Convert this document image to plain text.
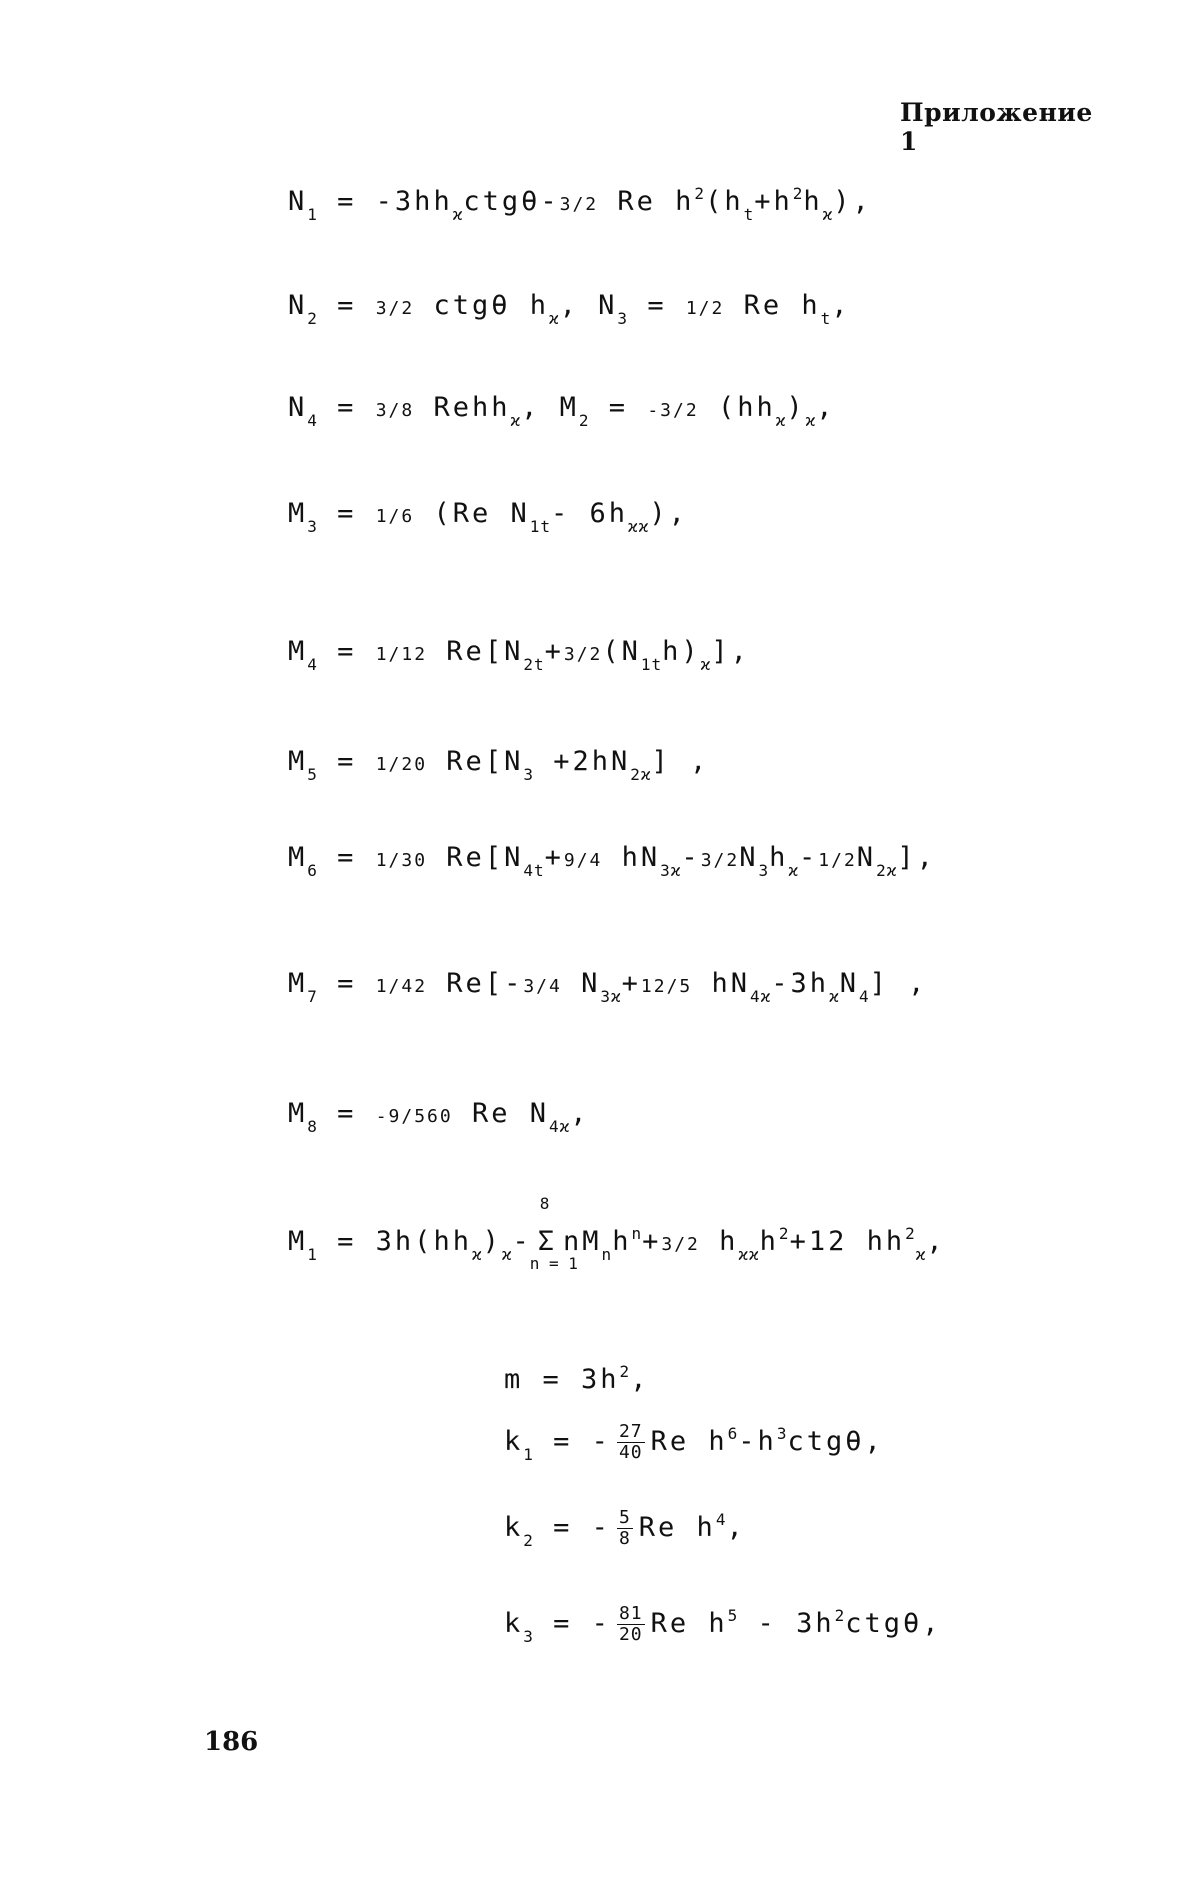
Приложение 1
$N_1 = -3hh_ϰctg\theta-3/2$ Re $h^2(h_t+h^2h_ϰ)$,
$N_2 = 3/2$ ctgθ $h_ϰ$, $N_3 = 1/2$ Re $h_t$,
$N_4 = 3/8$ Rehh$_ϰ$, $M_2 = -3/2$ $(hh_ϰ)_ϰ$,
$M_3 = 1/6$ (Re $N_{1t}-$ $6h_{ϰϰ}$),
$M_4 = 1/12$ $Re[N_{2t}+3/2(N_{1t}h)_ϰ]$,
$M_5 = 1/20$ $Re[N_3 +2hN_{2ϰ}]$ ,
$M_6 = 1/30$ $Re[N_{4t}+9/4$ $hN_{3ϰ}-3/2N_3h_ϰ-1/2N_{2ϰ}$],
$M_7 = 1/42$ Re[-3/4 $N_{3ϰ}+12/5$ $hN_{4ϰ}-3h_ϰN_4$] ,
$M_8 = -9/560$ Re $N_{4ϰ}$,
$M_1 = 3h(hh_ϰ)_ϰ-$
8
Σ
n = 1
$nM_nh^n+3/2$ $h_{ϰϰ}h^2+12$ $hh^2_ϰ$,
$m = 3h^2$,
$k_1$ = - $\frac{27}{40}$ Re $h^6-h^3ctg\theta$,
$k_2$ = - $\frac{5}{8}$ Re $h^4$,
$k_3$ = - $\frac{81}{20}$ Re $h^5 - 3h^2ctg\theta$,
186
